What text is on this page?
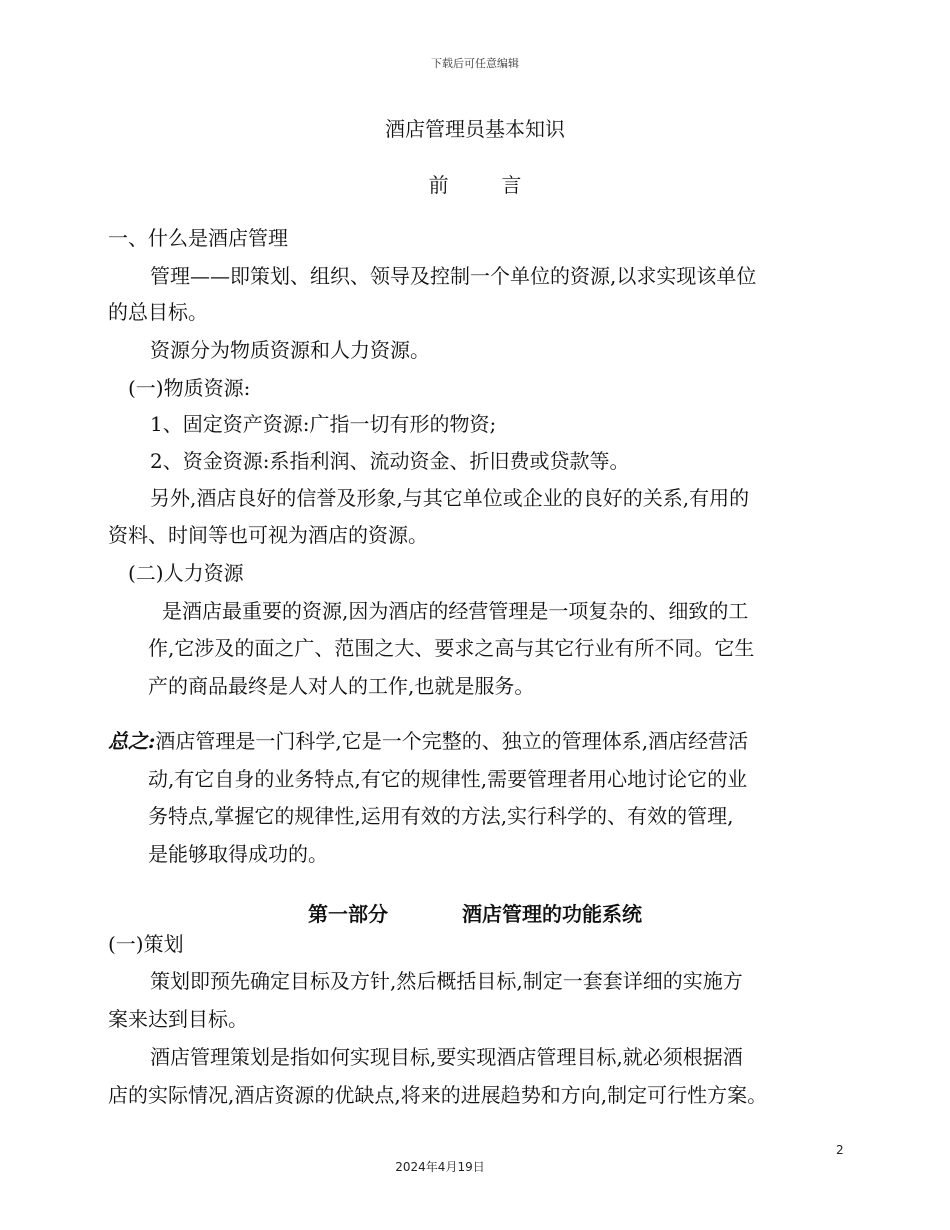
下载后可任意编辑
酒店管理员基本知识
前	言
一、什么是酒店管理
管理——即策划、组织、领导及控制一个单位的资源,以求实现该单位
的总目标。
资源分为物质资源和人力资源。
(一)物质资源:
1、固定资产资源:广指一切有形的物资;
2、资金资源:系指利润、流动资金、折旧费或贷款等。
另外,酒店良好的信誉及形象,与其它单位或企业的良好的关系,有用的
资料、时间等也可视为酒店的资源。
(二)人力资源
是酒店最重要的资源,因为酒店的经营管理是一项复杂的、细致的工
作,它涉及的面之广、范围之大、要求之高与其它行业有所不同。它生
产的商品最终是人对人的工作,也就是服务。
总之:酒店管理是一门科学,它是一个完整的、独立的管理体系,酒店经营活
动,有它自身的业务特点,有它的规律性,需要管理者用心地讨论它的业
务特点,掌握它的规律性,运用有效的方法,实行科学的、有效的管理,
是能够取得成功的。
第一部分	酒店管理的功能系统
(一)策划
策划即预先确定目标及方针,然后概括目标,制定一套套详细的实施方
案来达到目标。
酒店管理策划是指如何实现目标,要实现酒店管理目标,就必须根据酒
店的实际情况,酒店资源的优缺点,将来的进展趋势和方向,制定可行性方案。
2
2024年4月19日
